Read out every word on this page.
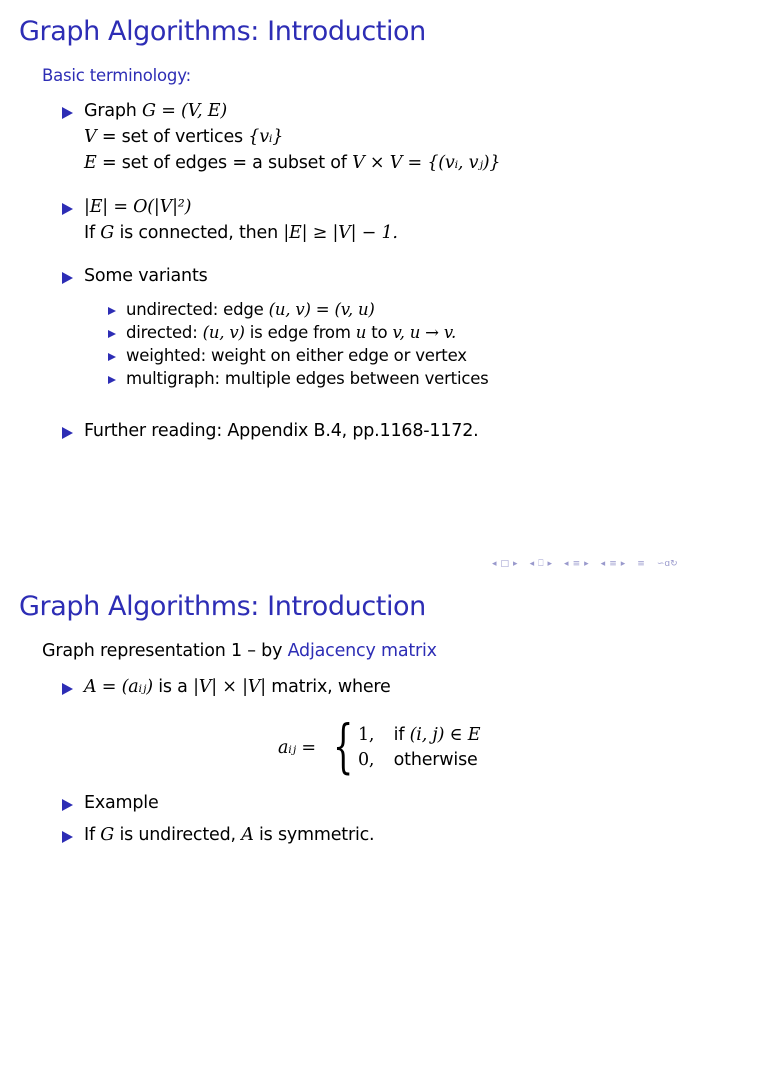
Graph Algorithms: Introduction
Basic terminology:
Graph G = (V, E)
V = set of vertices {vᵢ}
E = set of edges = a subset of V × V = {(vᵢ, vⱼ)}
|E| = O(|V|²)
If G is connected, then |E| ≥ |V| − 1.
Some variants
undirected: edge (u, v) = (v, u)
directed: (u, v) is edge from u to v, u → v.
weighted: weight on either edge or vertex
multigraph: multiple edges between vertices
Further reading: Appendix B.4, pp.1168-1172.
◂ □ ▸ ◂ ⎕ ▸ ◂ ≡ ▸ ◂ ≡ ▸ ≡ ∽ɑ↻
Graph Algorithms: Introduction
Graph representation 1 – by Adjacency matrix
A = (aᵢⱼ) is a |V| × |V| matrix, where
aᵢⱼ = { 1, if (i, j) ∈ E
0, otherwise
Example
If G is undirected, A is symmetric.
